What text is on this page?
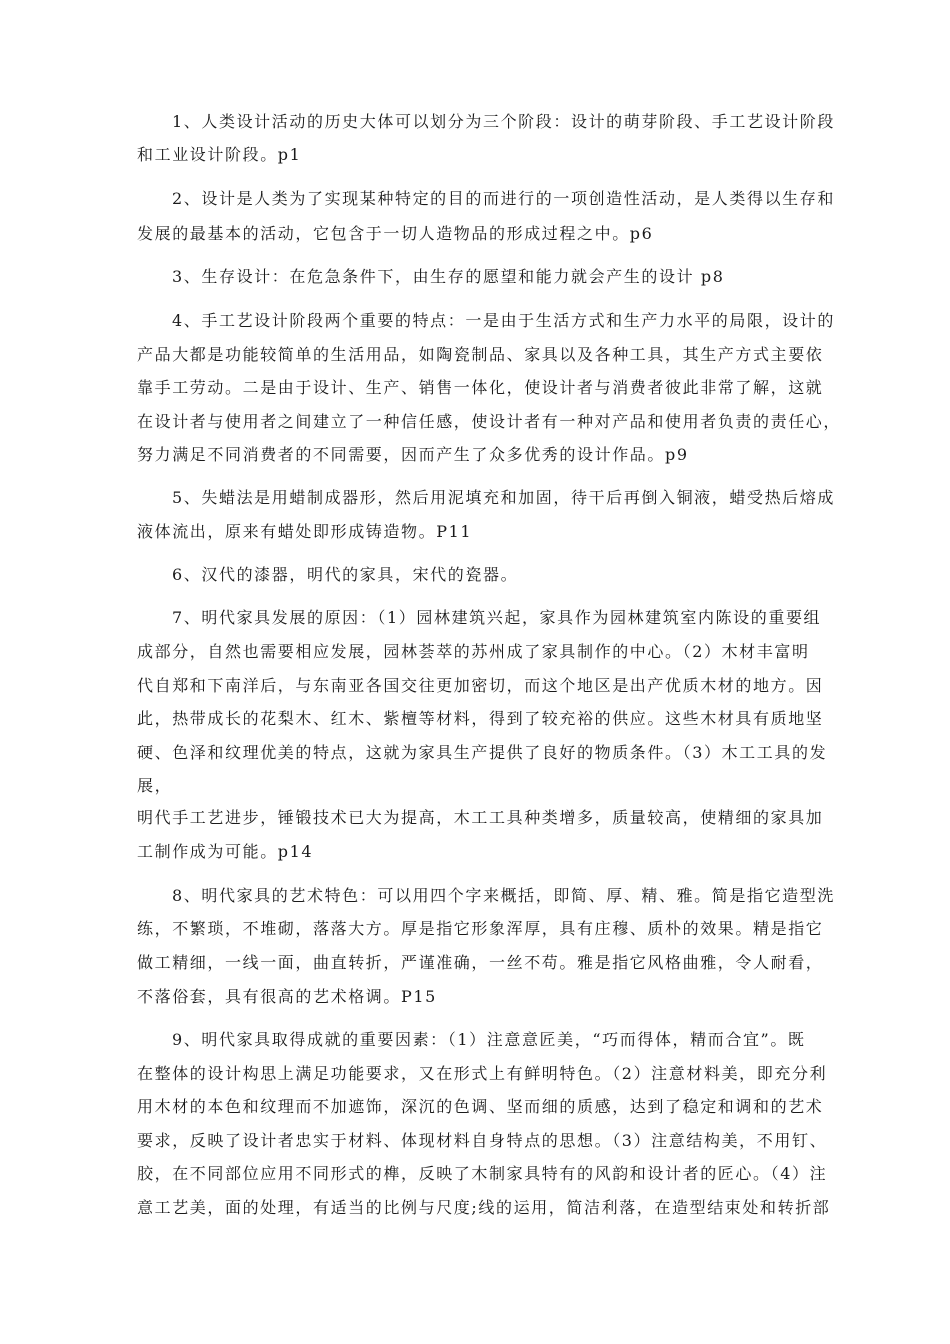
1、人类设计活动的历史大体可以划分为三个阶段：设计的萌芽阶段、手工艺设计阶段
和工业设计阶段。p1
2、设计是人类为了实现某种特定的目的而进行的一项创造性活动，是人类得以生存和
发展的最基本的活动，它包含于一切人造物品的形成过程之中。p6
3、生存设计：在危急条件下，由生存的愿望和能力就会产生的设计 p8
4、手工艺设计阶段两个重要的特点：一是由于生活方式和生产力水平的局限，设计的
产品大都是功能较简单的生活用品，如陶瓷制品、家具以及各种工具，其生产方式主要依
靠手工劳动。二是由于设计、生产、销售一体化，使设计者与消费者彼此非常了解，这就
在设计者与使用者之间建立了一种信任感，使设计者有一种对产品和使用者负责的责任心，
努力满足不同消费者的不同需要，因而产生了众多优秀的设计作品。p9
5、失蜡法是用蜡制成器形，然后用泥填充和加固，待干后再倒入铜液，蜡受热后熔成
液体流出，原来有蜡处即形成铸造物。P11
6、汉代的漆器，明代的家具，宋代的瓷器。
7、明代家具发展的原因：（1）园林建筑兴起，家具作为园林建筑室内陈设的重要组
成部分，自然也需要相应发展，园林荟萃的苏州成了家具制作的中心。（2）木材丰富明
代自郑和下南洋后，与东南亚各国交往更加密切，而这个地区是出产优质木材的地方。因
此，热带成长的花梨木、红木、紫檀等材料，得到了较充裕的供应。这些木材具有质地坚
硬、色泽和纹理优美的特点，这就为家具生产提供了良好的物质条件。（3）木工工具的发
展，
明代手工艺进步，锤锻技术已大为提高，木工工具种类增多，质量较高，使精细的家具加
工制作成为可能。p14
8、明代家具的艺术特色：可以用四个字来概括，即简、厚、精、雅。简是指它造型洗
练，不繁琐，不堆砌，落落大方。厚是指它形象浑厚，具有庄穆、质朴的效果。精是指它
做工精细，一线一面，曲直转折，严谨准确，一丝不苟。雅是指它风格曲雅，令人耐看，
不落俗套，具有很高的艺术格调。P15
9、明代家具取得成就的重要因素：（1）注意意匠美，“巧而得体，精而合宜”。既
在整体的设计构思上满足功能要求，又在形式上有鲜明特色。（2）注意材料美，即充分利
用木材的本色和纹理而不加遮饰，深沉的色调、坚而细的质感，达到了稳定和调和的艺术
要求，反映了设计者忠实于材料、体现材料自身特点的思想。（3）注意结构美，不用钉、
胶，在不同部位应用不同形式的榫，反映了木制家具特有的风韵和设计者的匠心。（4）注
意工艺美，面的处理，有适当的比例与尺度;线的运用，简洁利落，在造型结束处和转折部
